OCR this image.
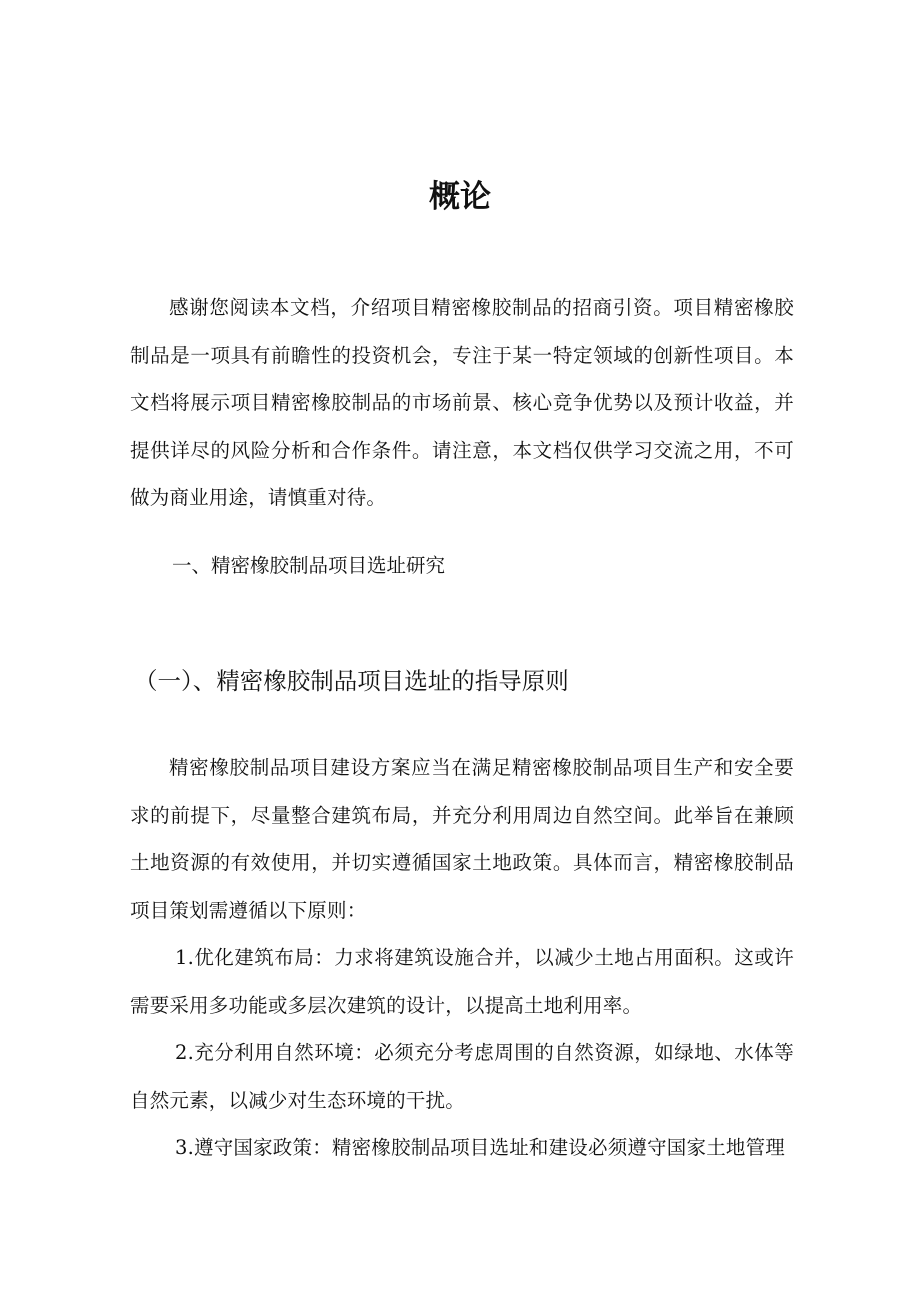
概论

感谢您阅读本文档，介绍项目精密橡胶制品的招商引资。项目精密橡胶制品是一项具有前瞻性的投资机会，专注于某一特定领域的创新性项目。本文档将展示项目精密橡胶制品的市场前景、核心竞争优势以及预计收益，并提供详尽的风险分析和合作条件。请注意，本文档仅供学习交流之用，不可做为商业用途，请慎重对待。

一、精密橡胶制品项目选址研究

（一）、精密橡胶制品项目选址的指导原则

精密橡胶制品项目建设方案应当在满足精密橡胶制品项目生产和安全要求的前提下，尽量整合建筑布局，并充分利用周边自然空间。此举旨在兼顾土地资源的有效使用，并切实遵循国家土地政策。具体而言，精密橡胶制品项目策划需遵循以下原则：

1.优化建筑布局：力求将建筑设施合并，以减少土地占用面积。这或许需要采用多功能或多层次建筑的设计，以提高土地利用率。

2.充分利用自然环境：必须充分考虑周围的自然资源，如绿地、水体等自然元素，以减少对生态环境的干扰。

3.遵守国家政策：精密橡胶制品项目选址和建设必须遵守国家土地管理
